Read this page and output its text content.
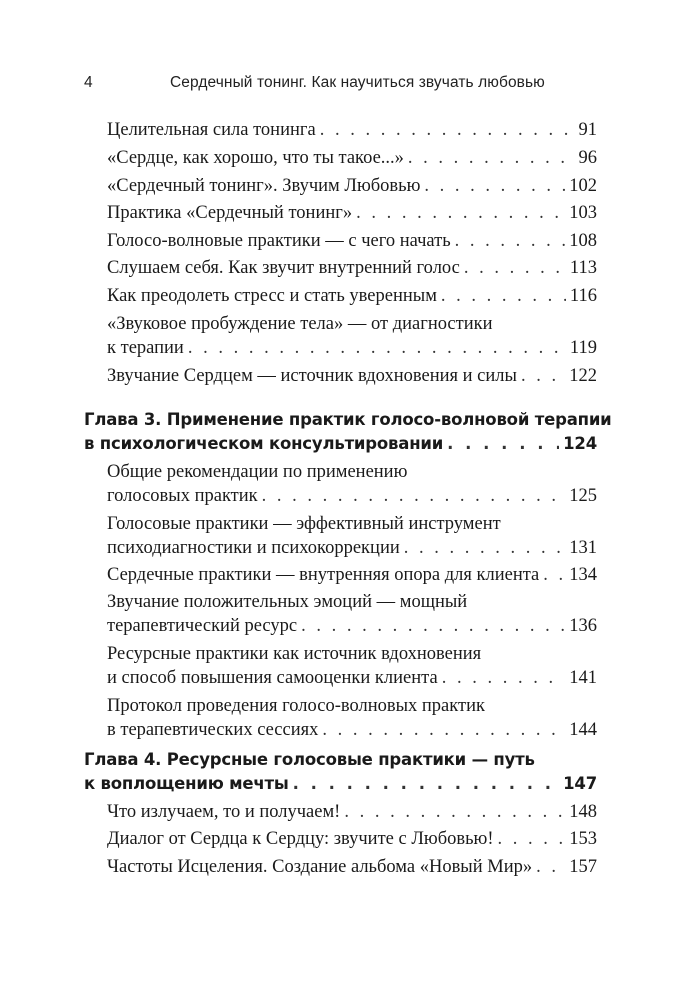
4	Сердечный тонинг. Как научиться звучать любовью
Целительная сила тонинга . . .	91
«Сердце, как хорошо, что ты такое...» . . .	96
«Сердечный тонинг». Звучим Любовью . . .	102
Практика «Сердечный тонинг» . . .	103
Голосо-волновые практики — с чего начать . . .	108
Слушаем себя. Как звучит внутренний голос . . .	113
Как преодолеть стресс и стать уверенным . . .	116
«Звуковое пробуждение тела» — от диагностики
к терапии . . .	119
Звучание Сердцем — источник вдохновения и силы . . .	122
Глава 3. Применение практик голосо-волновой терапии
в психологическом консультировании . . .	124
Общие рекомендации по применению
голосовых практик . . .	125
Голосовые практики — эффективный инструмент
психодиагностики и психокоррекции . . .	131
Сердечные практики — внутренняя опора для клиента . . . 134
Звучание положительных эмоций — мощный
терапевтический ресурс . . .	136
Ресурсные практики как источник вдохновения
и способ повышения самооценки клиента . . .	141
Протокол проведения голосо-волновых практик
в терапевтических сессиях . . .	144
Глава 4. Ресурсные голосовые практики — путь
к воплощению мечты . . .	147
Что излучаем, то и получаем! . . .	148
Диалог от Сердца к Сердцу: звучите с Любовью! . . .	153
Частоты Исцеления. Создание альбома «Новый Мир» . . . 157
